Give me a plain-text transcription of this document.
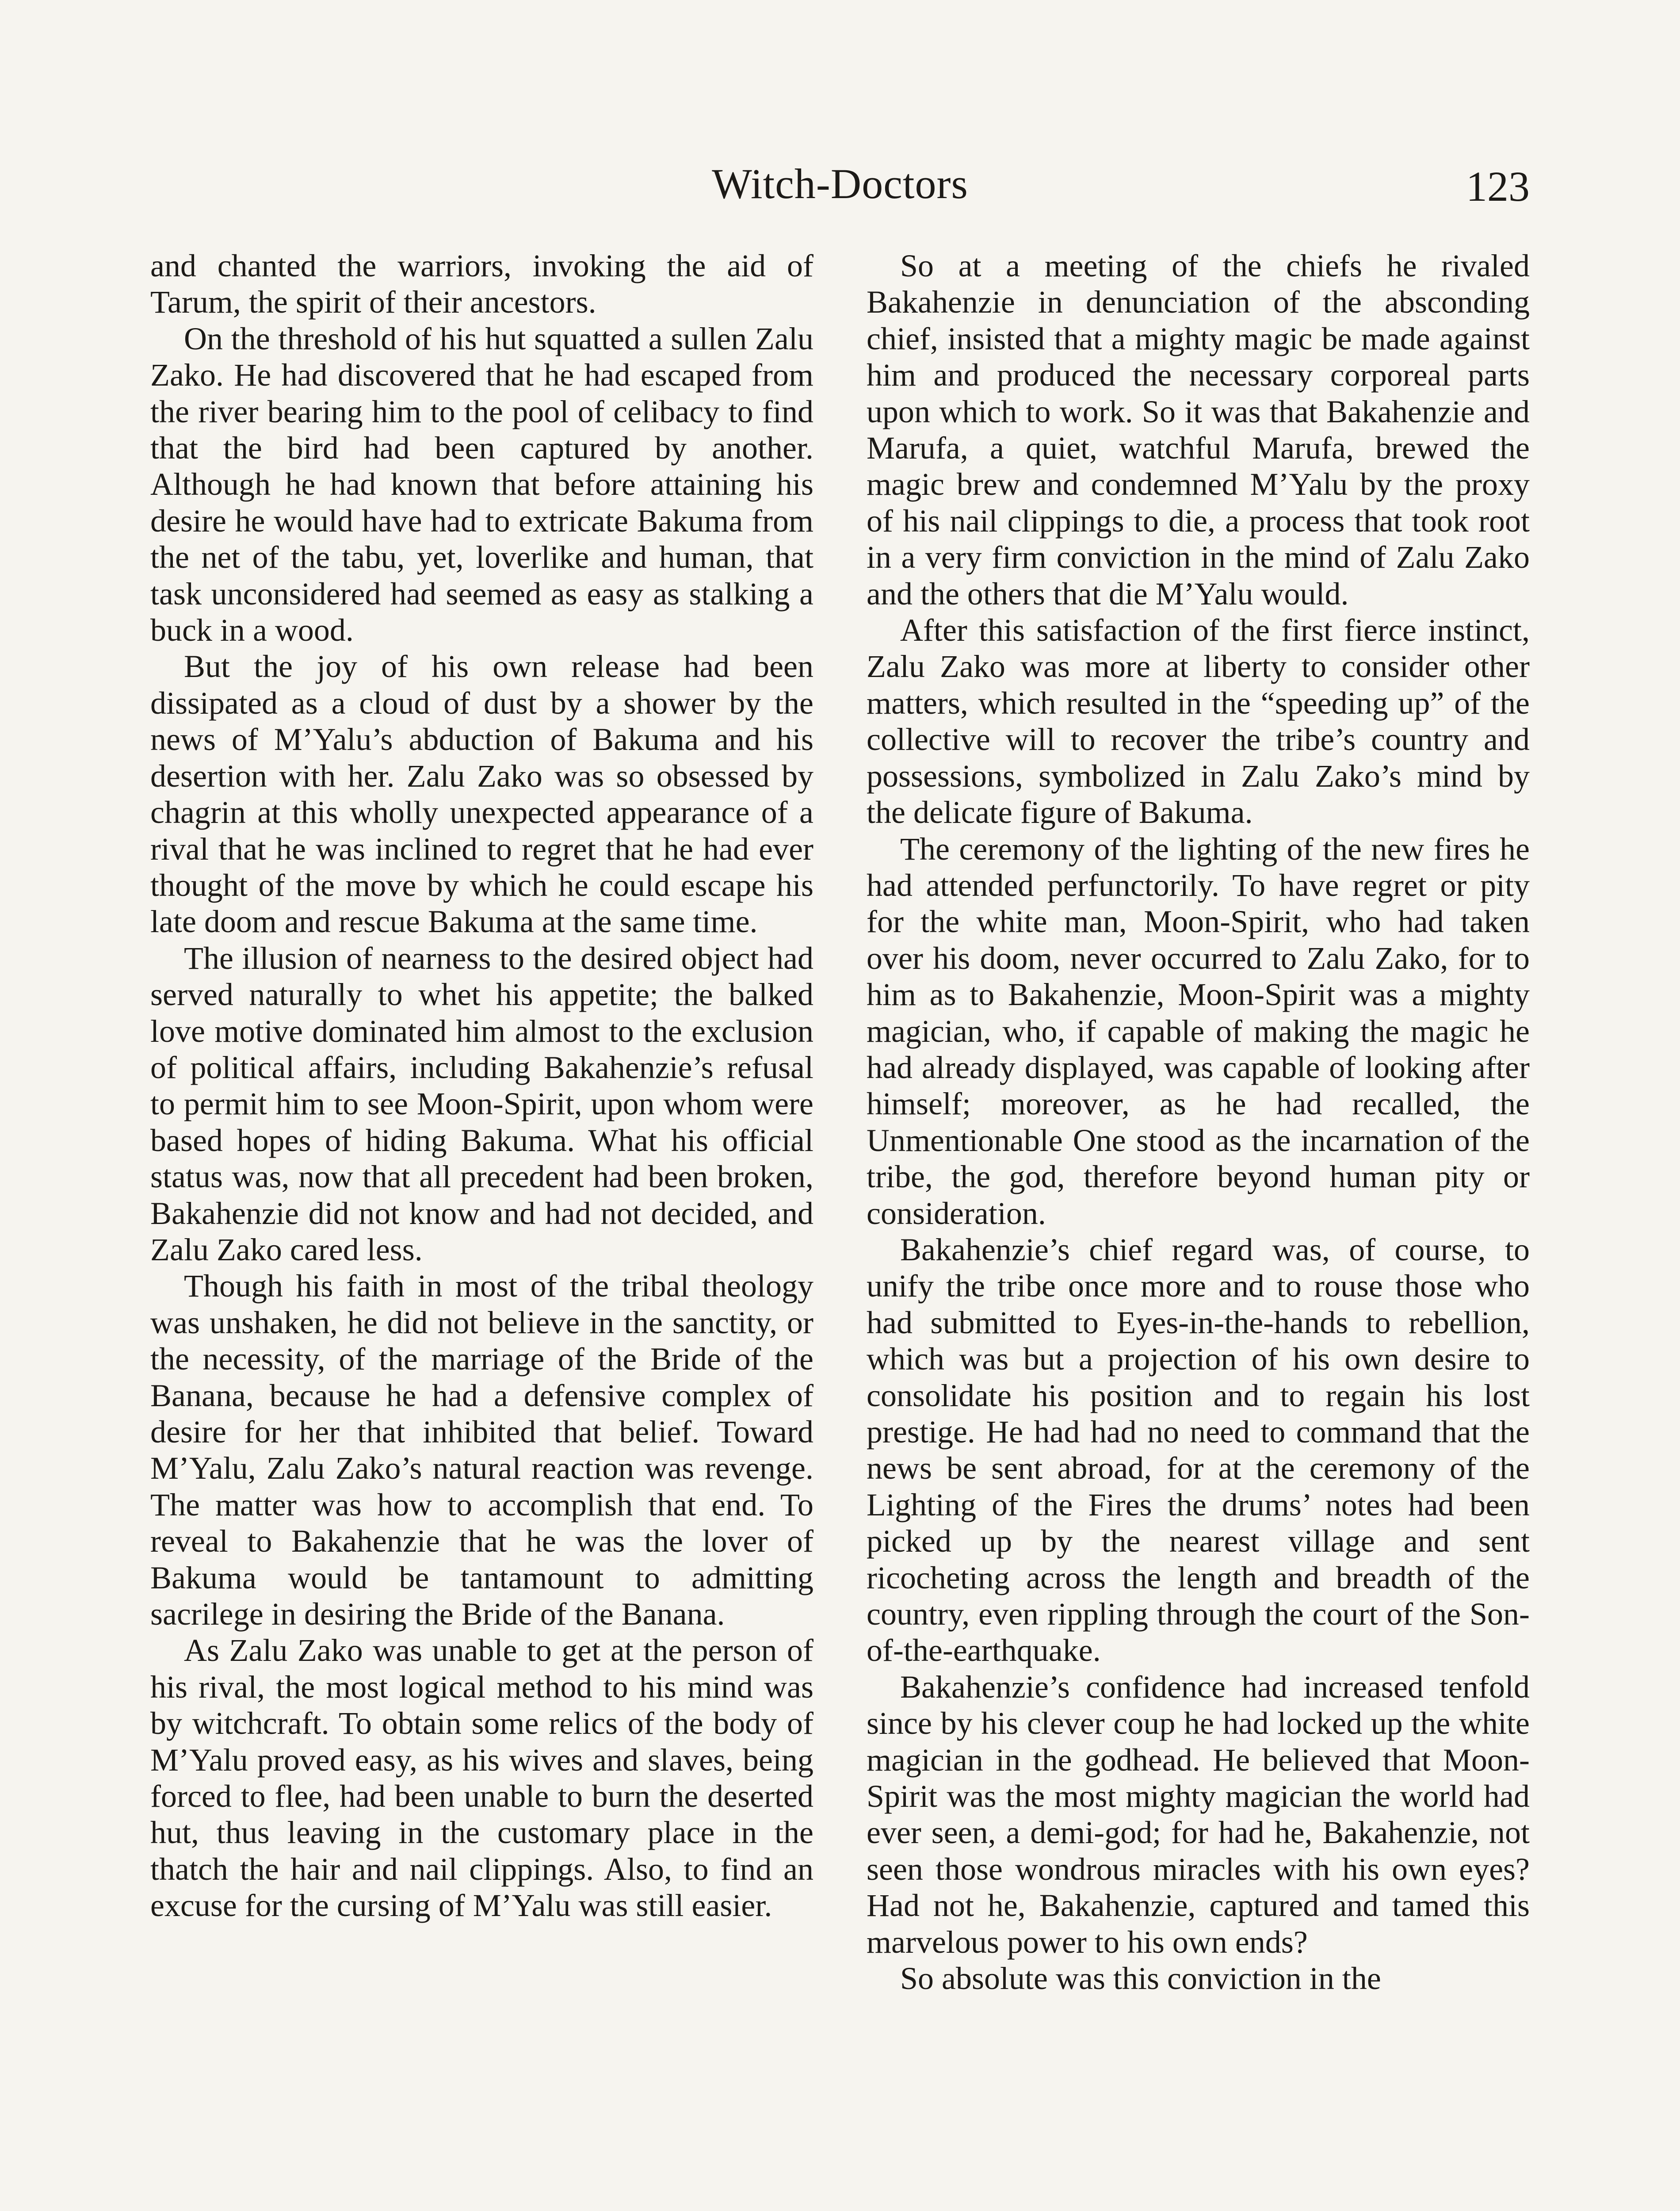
Witch-Doctors	123

and chanted the warriors, invoking the aid of Tarum, the spirit of their ancestors.

On the threshold of his hut squatted a sullen Zalu Zako. He had discovered that he had escaped from the river bearing him to the pool of celibacy to find that the bird had been captured by another. Although he had known that before attaining his desire he would have had to extricate Bakuma from the net of the tabu, yet, loverlike and human, that task unconsidered had seemed as easy as stalking a buck in a wood.

But the joy of his own release had been dissipated as a cloud of dust by a shower by the news of M’Yalu’s abduction of Bakuma and his desertion with her. Zalu Zako was so obsessed by chagrin at this wholly unexpected appearance of a rival that he was inclined to regret that he had ever thought of the move by which he could escape his late doom and rescue Bakuma at the same time.

The illusion of nearness to the desired object had served naturally to whet his appetite; the balked love motive dominated him almost to the exclusion of political affairs, including Bakahenzie’s refusal to permit him to see Moon-Spirit, upon whom were based hopes of hiding Bakuma. What his official status was, now that all precedent had been broken, Bakahenzie did not know and had not decided, and Zalu Zako cared less.

Though his faith in most of the tribal theology was unshaken, he did not believe in the sanctity, or the necessity, of the marriage of the Bride of the Banana, because he had a defensive complex of desire for her that inhibited that belief. Toward M’Yalu, Zalu Zako’s natural reaction was revenge. The matter was how to accomplish that end. To reveal to Bakahenzie that he was the lover of Bakuma would be tantamount to admitting sacrilege in desiring the Bride of the Banana.

As Zalu Zako was unable to get at the person of his rival, the most logical method to his mind was by witchcraft. To obtain some relics of the body of M’Yalu proved easy, as his wives and slaves, being forced to flee, had been unable to burn the deserted hut, thus leaving in the customary place in the thatch the hair and nail clippings. Also, to find an excuse for the cursing of M’Yalu was still easier.

So at a meeting of the chiefs he rivaled Bakahenzie in denunciation of the absconding chief, insisted that a mighty magic be made against him and produced the necessary corporeal parts upon which to work. So it was that Bakahenzie and Marufa, a quiet, watchful Marufa, brewed the magic brew and condemned M’Yalu by the proxy of his nail clippings to die, a process that took root in a very firm conviction in the mind of Zalu Zako and the others that die M’Yalu would.

After this satisfaction of the first fierce instinct, Zalu Zako was more at liberty to consider other matters, which resulted in the “speeding up” of the collective will to recover the tribe’s country and possessions, symbolized in Zalu Zako’s mind by the delicate figure of Bakuma.

The ceremony of the lighting of the new fires he had attended perfunctorily. To have regret or pity for the white man, Moon-Spirit, who had taken over his doom, never occurred to Zalu Zako, for to him as to Bakahenzie, Moon-Spirit was a mighty magician, who, if capable of making the magic he had already displayed, was capable of looking after himself; moreover, as he had recalled, the Unmentionable One stood as the incarnation of the tribe, the god, therefore beyond human pity or consideration.

Bakahenzie’s chief regard was, of course, to unify the tribe once more and to rouse those who had submitted to Eyes-in-the-hands to rebellion, which was but a projection of his own desire to consolidate his position and to regain his lost prestige. He had had no need to command that the news be sent abroad, for at the ceremony of the Lighting of the Fires the drums’ notes had been picked up by the nearest village and sent ricocheting across the length and breadth of the country, even rippling through the court of the Son-of-the-earthquake.

Bakahenzie’s confidence had increased tenfold since by his clever coup he had locked up the white magician in the godhead. He believed that Moon-Spirit was the most mighty magician the world had ever seen, a demi-god; for had he, Bakahenzie, not seen those wondrous miracles with his own eyes? Had not he, Bakahenzie, captured and tamed this marvelous power to his own ends?

So absolute was this conviction in the
